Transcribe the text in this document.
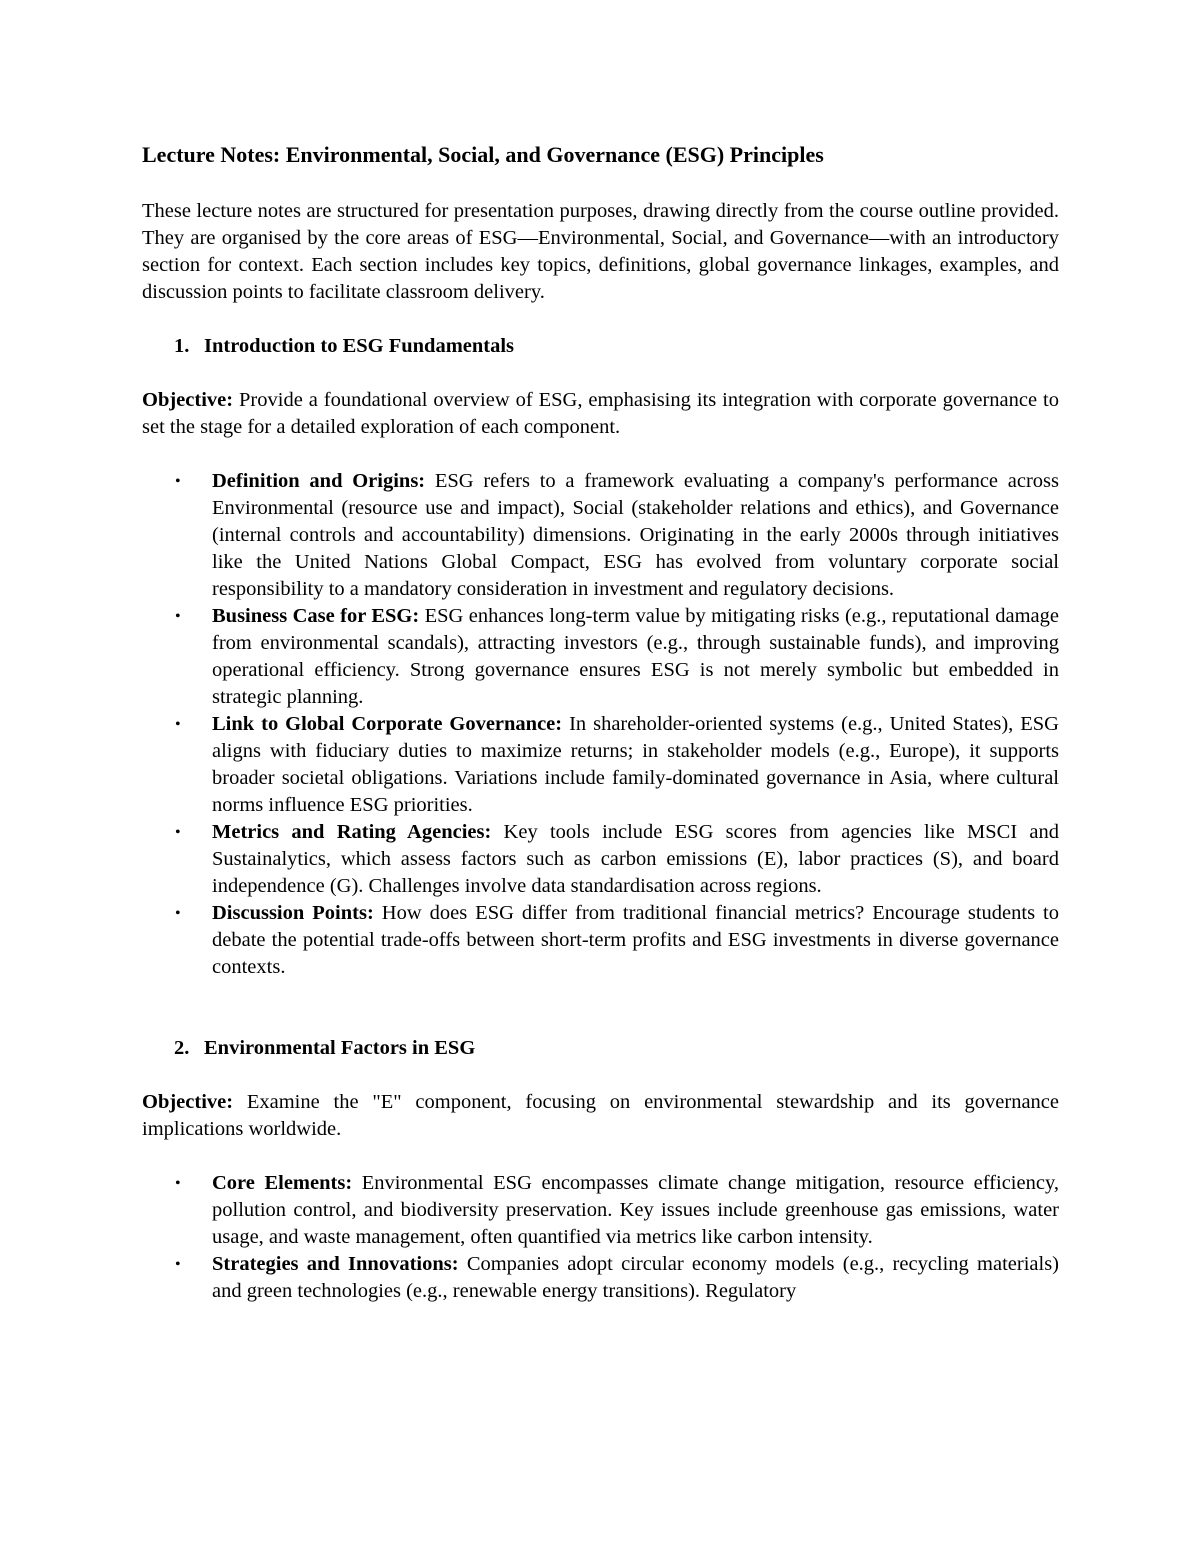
Lecture Notes: Environmental, Social, and Governance (ESG) Principles
These lecture notes are structured for presentation purposes, drawing directly from the course outline provided. They are organised by the core areas of ESG—Environmental, Social, and Governance—with an introductory section for context. Each section includes key topics, definitions, global governance linkages, examples, and discussion points to facilitate classroom delivery.
1. Introduction to ESG Fundamentals
Objective: Provide a foundational overview of ESG, emphasising its integration with corporate governance to set the stage for a detailed exploration of each component.
• Definition and Origins: ESG refers to a framework evaluating a company's performance across Environmental (resource use and impact), Social (stakeholder relations and ethics), and Governance (internal controls and accountability) dimensions. Originating in the early 2000s through initiatives like the United Nations Global Compact, ESG has evolved from voluntary corporate social responsibility to a mandatory consideration in investment and regulatory decisions.
• Business Case for ESG: ESG enhances long-term value by mitigating risks (e.g., reputational damage from environmental scandals), attracting investors (e.g., through sustainable funds), and improving operational efficiency. Strong governance ensures ESG is not merely symbolic but embedded in strategic planning.
• Link to Global Corporate Governance: In shareholder-oriented systems (e.g., United States), ESG aligns with fiduciary duties to maximize returns; in stakeholder models (e.g., Europe), it supports broader societal obligations. Variations include family-dominated governance in Asia, where cultural norms influence ESG priorities.
• Metrics and Rating Agencies: Key tools include ESG scores from agencies like MSCI and Sustainalytics, which assess factors such as carbon emissions (E), labor practices (S), and board independence (G). Challenges involve data standardisation across regions.
• Discussion Points: How does ESG differ from traditional financial metrics? Encourage students to debate the potential trade-offs between short-term profits and ESG investments in diverse governance contexts.
2. Environmental Factors in ESG
Objective: Examine the "E" component, focusing on environmental stewardship and its governance implications worldwide.
• Core Elements: Environmental ESG encompasses climate change mitigation, resource efficiency, pollution control, and biodiversity preservation. Key issues include greenhouse gas emissions, water usage, and waste management, often quantified via metrics like carbon intensity.
• Strategies and Innovations: Companies adopt circular economy models (e.g., recycling materials) and green technologies (e.g., renewable energy transitions). Regulatory
